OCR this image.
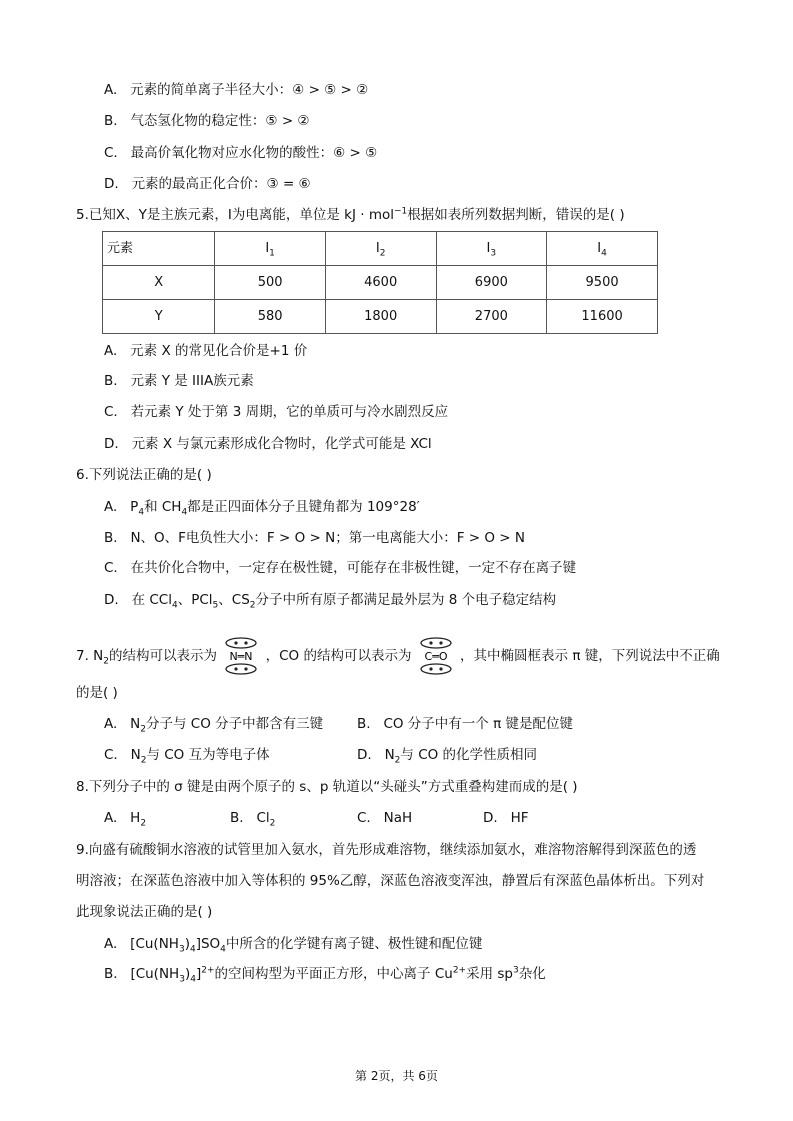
A. 元素的简单离子半径大小：④ > ⑤ > ②
B. 气态氢化物的稳定性：⑤ > ②
C. 最高价氧化物对应水化物的酸性：⑥ > ⑤
D. 元素的最高正化合价：③ = ⑥
5.已知X、Y是主族元素，I为电离能，单位是 kJ · mol$^{-1}$根据如表所列数据判断，错误的是( )
元素	$I_1$	$I_2$	$I_3$	$I_4$
X	500	4600	6900	9500
Y	580	1800	2700	11600
A. 元素 X 的常见化合价是+1 价
B. 元素 Y 是 IIIA族元素
C. 若元素 Y 处于第 3 周期，它的单质可与冷水剧烈反应
D. 元素 X 与氯元素形成化合物时，化学式可能是 XCl
6.下列说法正确的是( )
A. $P_4$和 $CH_4$都是正四面体分子且键角都为 109°28′
B. N、O、F电负性大小：F > O > N；第一电离能大小：F > O > N
C. 在共价化合物中，一定存在极性键，可能存在非极性键，一定不存在离子键
D. 在 CCl$_4$、PCl$_5$、$CS_2$分子中所有原子都满足最外层为 8 个电子稳定结构
7. $N_2$的结构可以表示为 N═N ，CO 的结构可以表示为 C═O ，其中椭圆框表示 π 键，下列说法中不正确
的是( )
A. $N_2$分子与 CO 分子中都含有三键	B. CO 分子中有一个 π 键是配位键
C. $N_2$与 CO 互为等电子体	D. $N_2$与 CO 的化学性质相同
8.下列分子中的 σ 键是由两个原子的 s、p 轨道以“头碰头”方式重叠构建而成的是( )
A. $H_2$	B. $Cl_2$	C. NaH	D. HF
9.向盛有硫酸铜水溶液的试管里加入氨水，首先形成难溶物，继续添加氨水，难溶物溶解得到深蓝色的透
明溶液；在深蓝色溶液中加入等体积的 95%乙醇，深蓝色溶液变浑浊，静置后有深蓝色晶体析出。下列对
此现象说法正确的是( )
A. $[Cu(NH_3)_4]SO_4$中所含的化学键有离子键、极性键和配位键
B. $[Cu(NH_3)_4]^{2+}$的空间构型为平面正方形，中心离子 $Cu^{2+}$采用 $sp^3$杂化
第 2页，共 6页
